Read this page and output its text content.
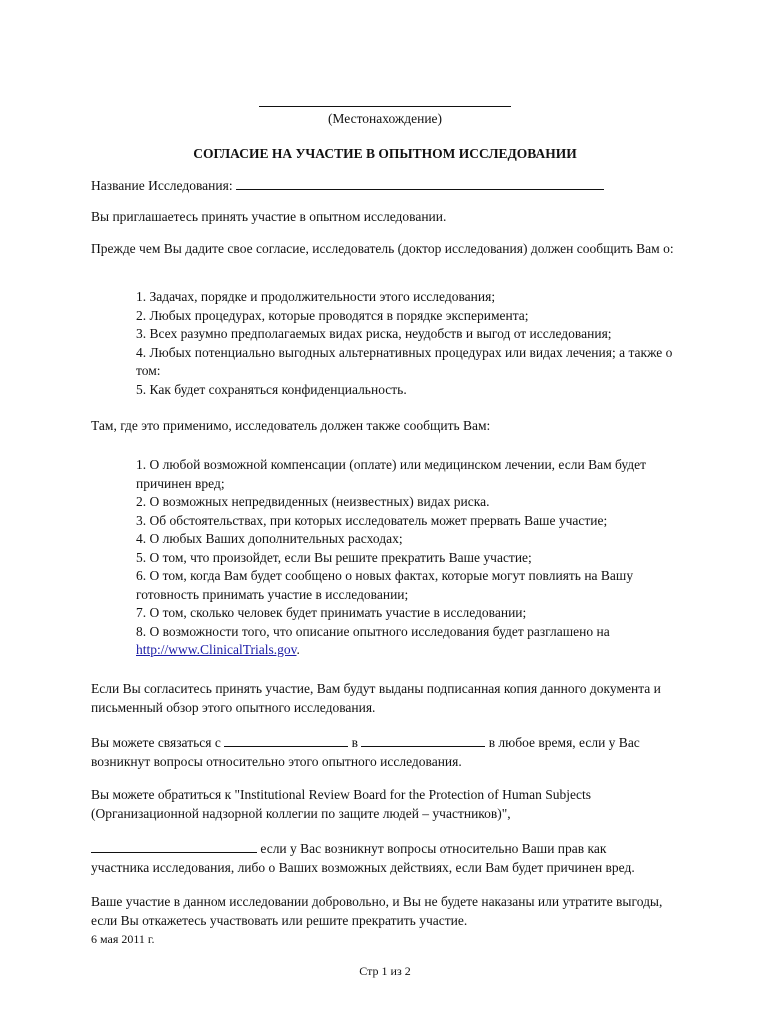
(Местонахождение)

СОГЛАСИЕ НА УЧАСТИЕ В ОПЫТНОМ ИССЛЕДОВАНИИ

Название Исследования:

Вы приглашаетесь принять участие в опытном исследовании.

Прежде чем Вы дадите свое согласие, исследователь (доктор исследования) должен сообщить Вам о:

1. Задачах, порядке и продолжительности этого исследования;

2. Любых процедурах, которые проводятся в порядке эксперимента;

3. Всех разумно предполагаемых видах риска, неудобств и выгод от исследования;

4. Любых потенциально выгодных альтернативных процедурах или видах лечения; а также о том:

5. Как будет сохраняться конфиденциальность.

Там, где это применимо, исследователь должен также сообщить Вам:

1. О любой возможной компенсации (оплате) или медицинском лечении, если Вам будет причинен вред;

2. О возможных непредвиденных (неизвестных) видах риска.

3. Об обстоятельствах, при которых исследователь может прервать Ваше участие;

4. О любых Ваших дополнительных расходах;

5. О том, что произойдет, если Вы решите прекратить Ваше участие;

6. О том, когда Вам будет сообщено о новых фактах, которые могут повлиять на Вашу готовность принимать участие в исследовании;

7. О том, сколько человек будет принимать участие в исследовании;

8. О возможности того, что описание опытного исследования будет разглашено на http://www.ClinicalTrials.gov.

Если Вы согласитесь принять участие, Вам будут выданы подписанная копия данного документа и письменный обзор этого опытного исследования.

Вы можете связаться с	в	в любое время, если у Вас
возникнут вопросы относительно этого опытного исследования.

Вы можете обратиться к "Institutional Review Board for the Protection of Human Subjects (Организационной надзорной коллегии по защите людей – участников)",

если у Вас возникнут вопросы относительно Ваши прав как
участника исследования, либо о Ваших возможных действиях, если Вам будет причинен вред.

Ваше участие в данном исследовании добровольно, и Вы не будете наказаны или утратите выгоды, если Вы откажетесь участвовать или решите прекратить участие.

6 мая 2011 г.

Стр 1 из 2
